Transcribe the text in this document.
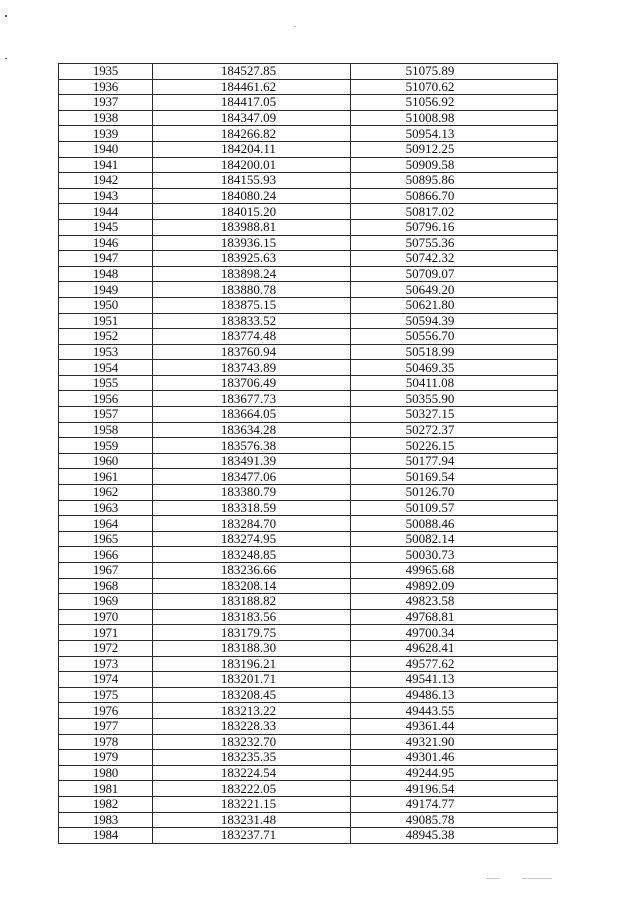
1935	184527.85	51075.89
1936	184461.62	51070.62
1937	184417.05	51056.92
1938	184347.09	51008.98
1939	184266.82	50954.13
1940	184204.11	50912.25
1941	184200.01	50909.58
1942	184155.93	50895.86
1943	184080.24	50866.70
1944	184015.20	50817.02
1945	183988.81	50796.16
1946	183936.15	50755.36
1947	183925.63	50742.32
1948	183898.24	50709.07
1949	183880.78	50649.20
1950	183875.15	50621.80
1951	183833.52	50594.39
1952	183774.48	50556.70
1953	183760.94	50518.99
1954	183743.89	50469.35
1955	183706.49	50411.08
1956	183677.73	50355.90
1957	183664.05	50327.15
1958	183634.28	50272.37
1959	183576.38	50226.15
1960	183491.39	50177.94
1961	183477.06	50169.54
1962	183380.79	50126.70
1963	183318.59	50109.57
1964	183284.70	50088.46
1965	183274.95	50082.14
1966	183248.85	50030.73
1967	183236.66	49965.68
1968	183208.14	49892.09
1969	183188.82	49823.58
1970	183183.56	49768.81
1971	183179.75	49700.34
1972	183188.30	49628.41
1973	183196.21	49577.62
1974	183201.71	49541.13
1975	183208.45	49486.13
1976	183213.22	49443.55
1977	183228.33	49361.44
1978	183232.70	49321.90
1979	183235.35	49301.46
1980	183224.54	49244.95
1981	183222.05	49196.54
1982	183221.15	49174.77
1983	183231.48	49085.78
1984	183237.71	48945.38
